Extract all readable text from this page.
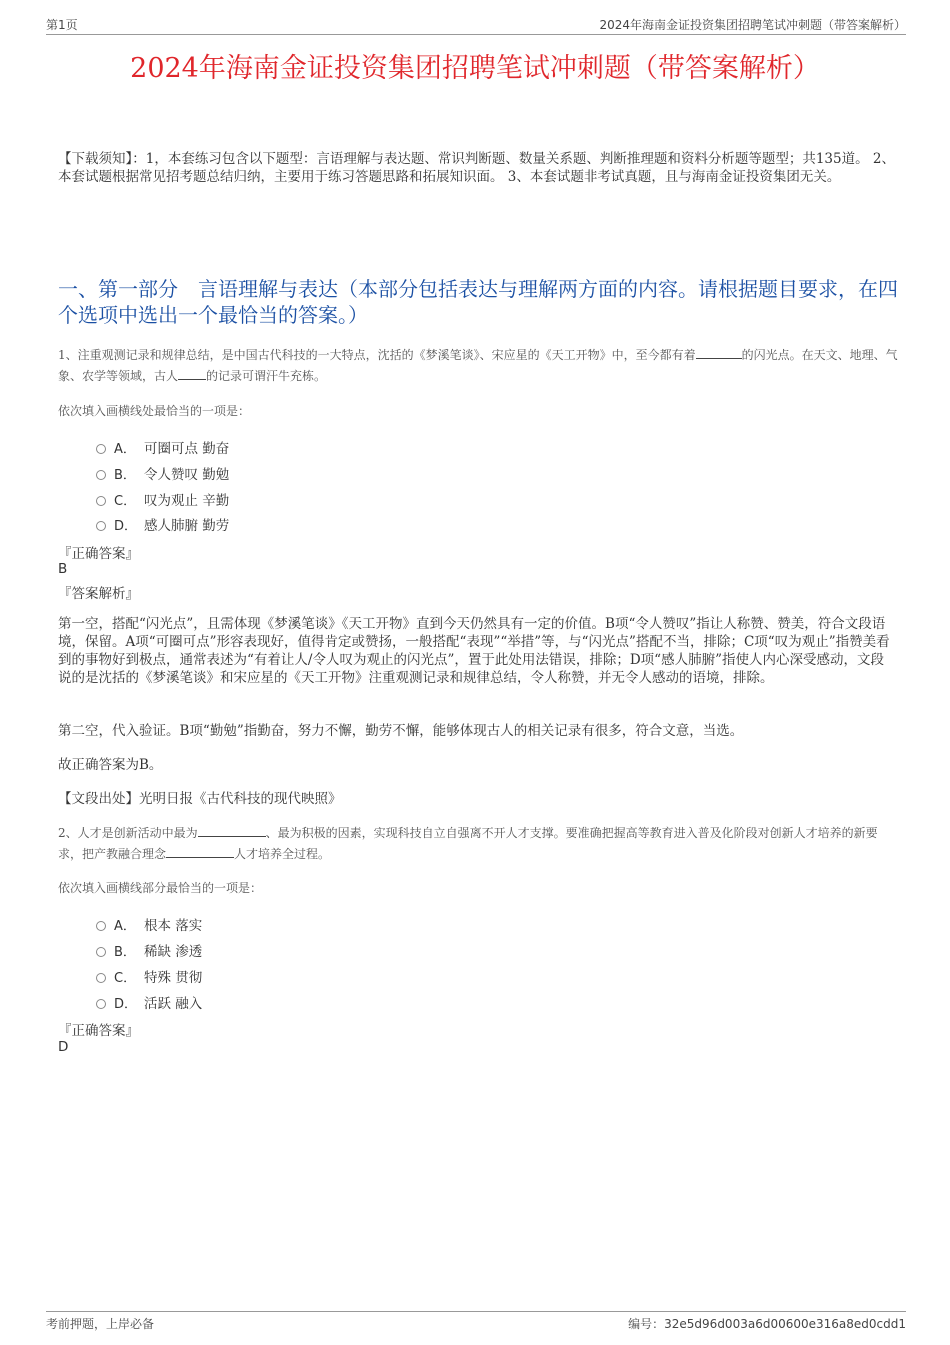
第1页	2024年海南金证投资集团招聘笔试冲刺题（带答案解析）
2024年海南金证投资集团招聘笔试冲刺题（带答案解析）
【下载须知】：1，本套练习包含以下题型：言语理解与表达题、常识判断题、数量关系题、判断推理题和资料分析题等题型；共135道。 2、本套试题根据常见招考题总结归纳，主要用于练习答题思路和拓展知识面。 3、本套试题非考试真题，且与海南金证投资集团无关。
一、第一部分　言语理解与表达（本部分包括表达与理解两方面的内容。请根据题目要求，在四个选项中选出一个最恰当的答案。）
1、注重观测记录和规律总结，是中国古代科技的一大特点，沈括的《梦溪笔谈》、宋应星的《天工开物》中，至今都有着	的闪光点。在天文、地理、气象、农学等领域，古人 的记录可谓汗牛充栋。
依次填入画横线处最恰当的一项是：
A． 可圈可点 勤奋
B． 令人赞叹 勤勉
C． 叹为观止 辛勤
D． 感人肺腑 勤劳
『正确答案』
B
『答案解析』
第一空，搭配“闪光点”，且需体现《梦溪笔谈》《天工开物》直到今天仍然具有一定的价值。B项“令人赞叹”指让人称赞、赞美，符合文段语境，保留。A项“可圈可点”形容表现好，值得肯定或赞扬，一般搭配“表现”“举措”等，与“闪光点”搭配不当，排除；C项“叹为观止”指赞美看到的事物好到极点，通常表述为“有着让人/令人叹为观止的闪光点”，置于此处用法错误，排除；D项“感人肺腑”指使人内心深受感动，文段说的是沈括的《梦溪笔谈》和宋应星的《天工开物》注重观测记录和规律总结，令人称赞，并无令人感动的语境，排除。
第二空，代入验证。B项“勤勉”指勤奋，努力不懈，勤劳不懈，能够体现古人的相关记录有很多，符合文意，当选。
故正确答案为B。
【文段出处】光明日报《古代科技的现代映照》
2、人才是创新活动中最为	、最为积极的因素，实现科技自立自强离不开人才支撑。要准确把握高等教育进入普及化阶段对创新人才培养的新要求，把产教融合理念	人才培养全过程。
依次填入画横线部分最恰当的一项是：
A． 根本 落实
B． 稀缺 渗透
C． 特殊 贯彻
D． 活跃 融入
『正确答案』
D
考前押题，上岸必备	编号：32e5d96d003a6d00600e316a8ed0cdd1
